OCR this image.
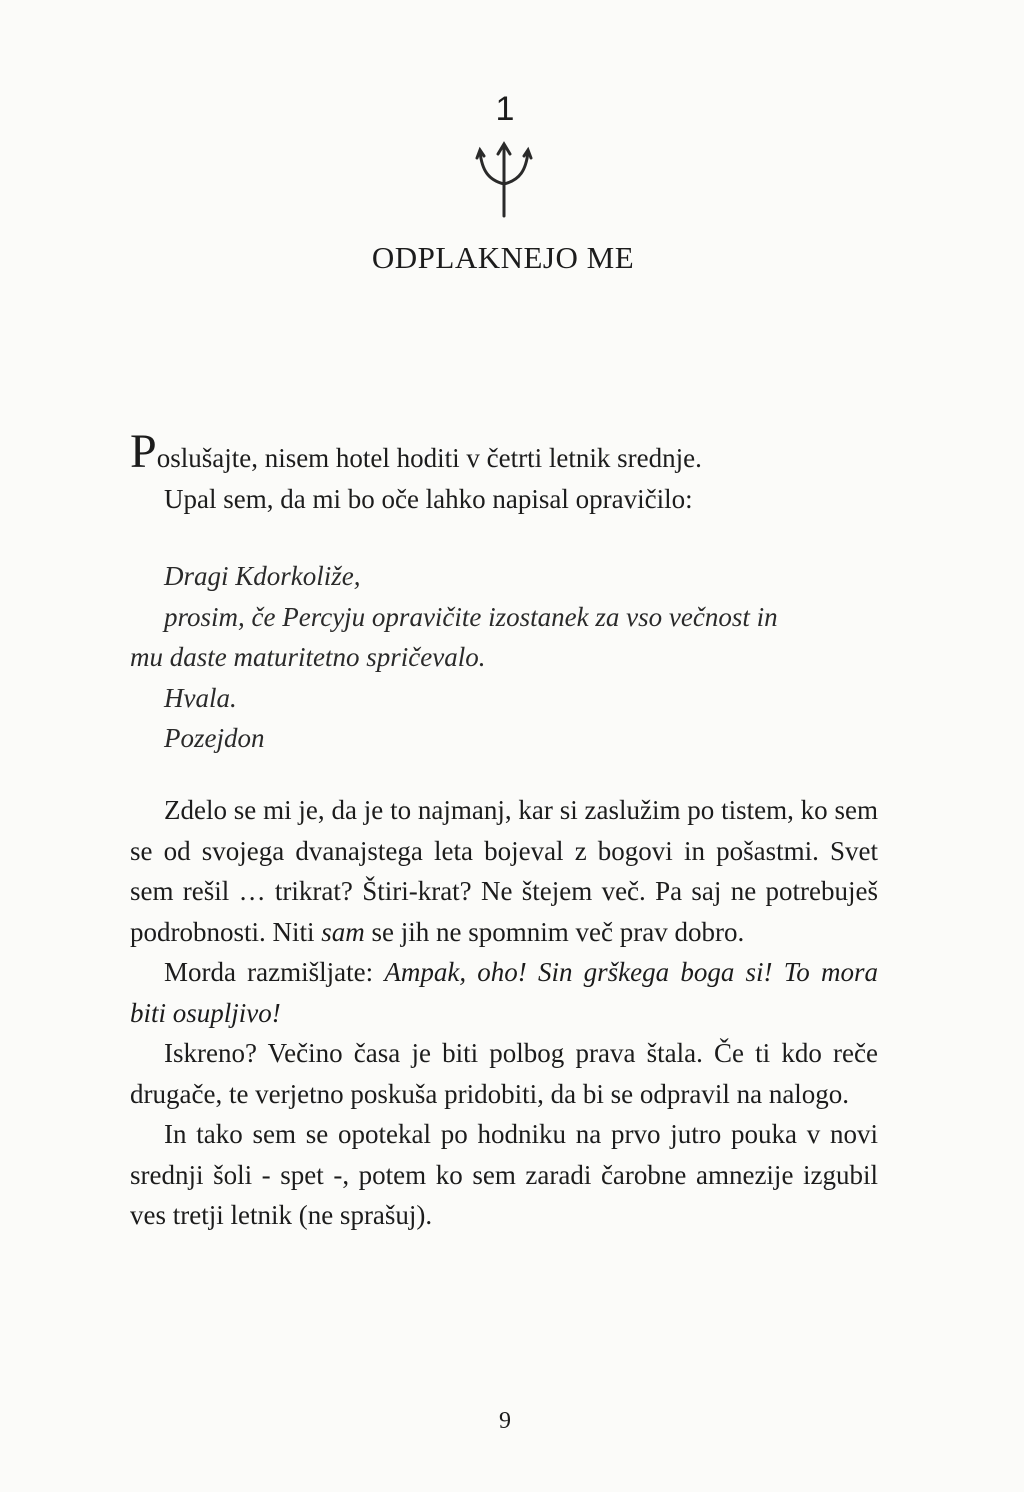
1
ODPLAKNEJO ME

Poslušajte, nisem hotel hoditi v četrti letnik srednje.

Upal sem, da mi bo oče lahko napisal opravičilo:

Dragi Kdorkoliže,
prosim, če Percyju opravičite izostanek za vso večnost in
mu daste maturitetno spričevalo.
Hvala.
Pozejdon

Zdelo se mi je, da je to najmanj, kar si zaslužim po tistem, ko sem se od svojega dvanajstega leta bojeval z bogovi in pošastmi. Svet sem rešil … trikrat? Štiri-krat? Ne štejem več. Pa saj ne potrebuješ podrobnosti. Niti sam se jih ne spomnim več prav dobro.

Morda razmišljate: Ampak, oho! Sin grškega boga si! To mora biti osupljivo!

Iskreno? Večino časa je biti polbog prava štala. Če ti kdo reče drugače, te verjetno poskuša pridobiti, da bi se odpravil na nalogo.

In tako sem se opotekal po hodniku na prvo jutro pouka v novi srednji šoli - spet -, potem ko sem zaradi čarobne amnezije izgubil ves tretji letnik (ne sprašuj).

9
